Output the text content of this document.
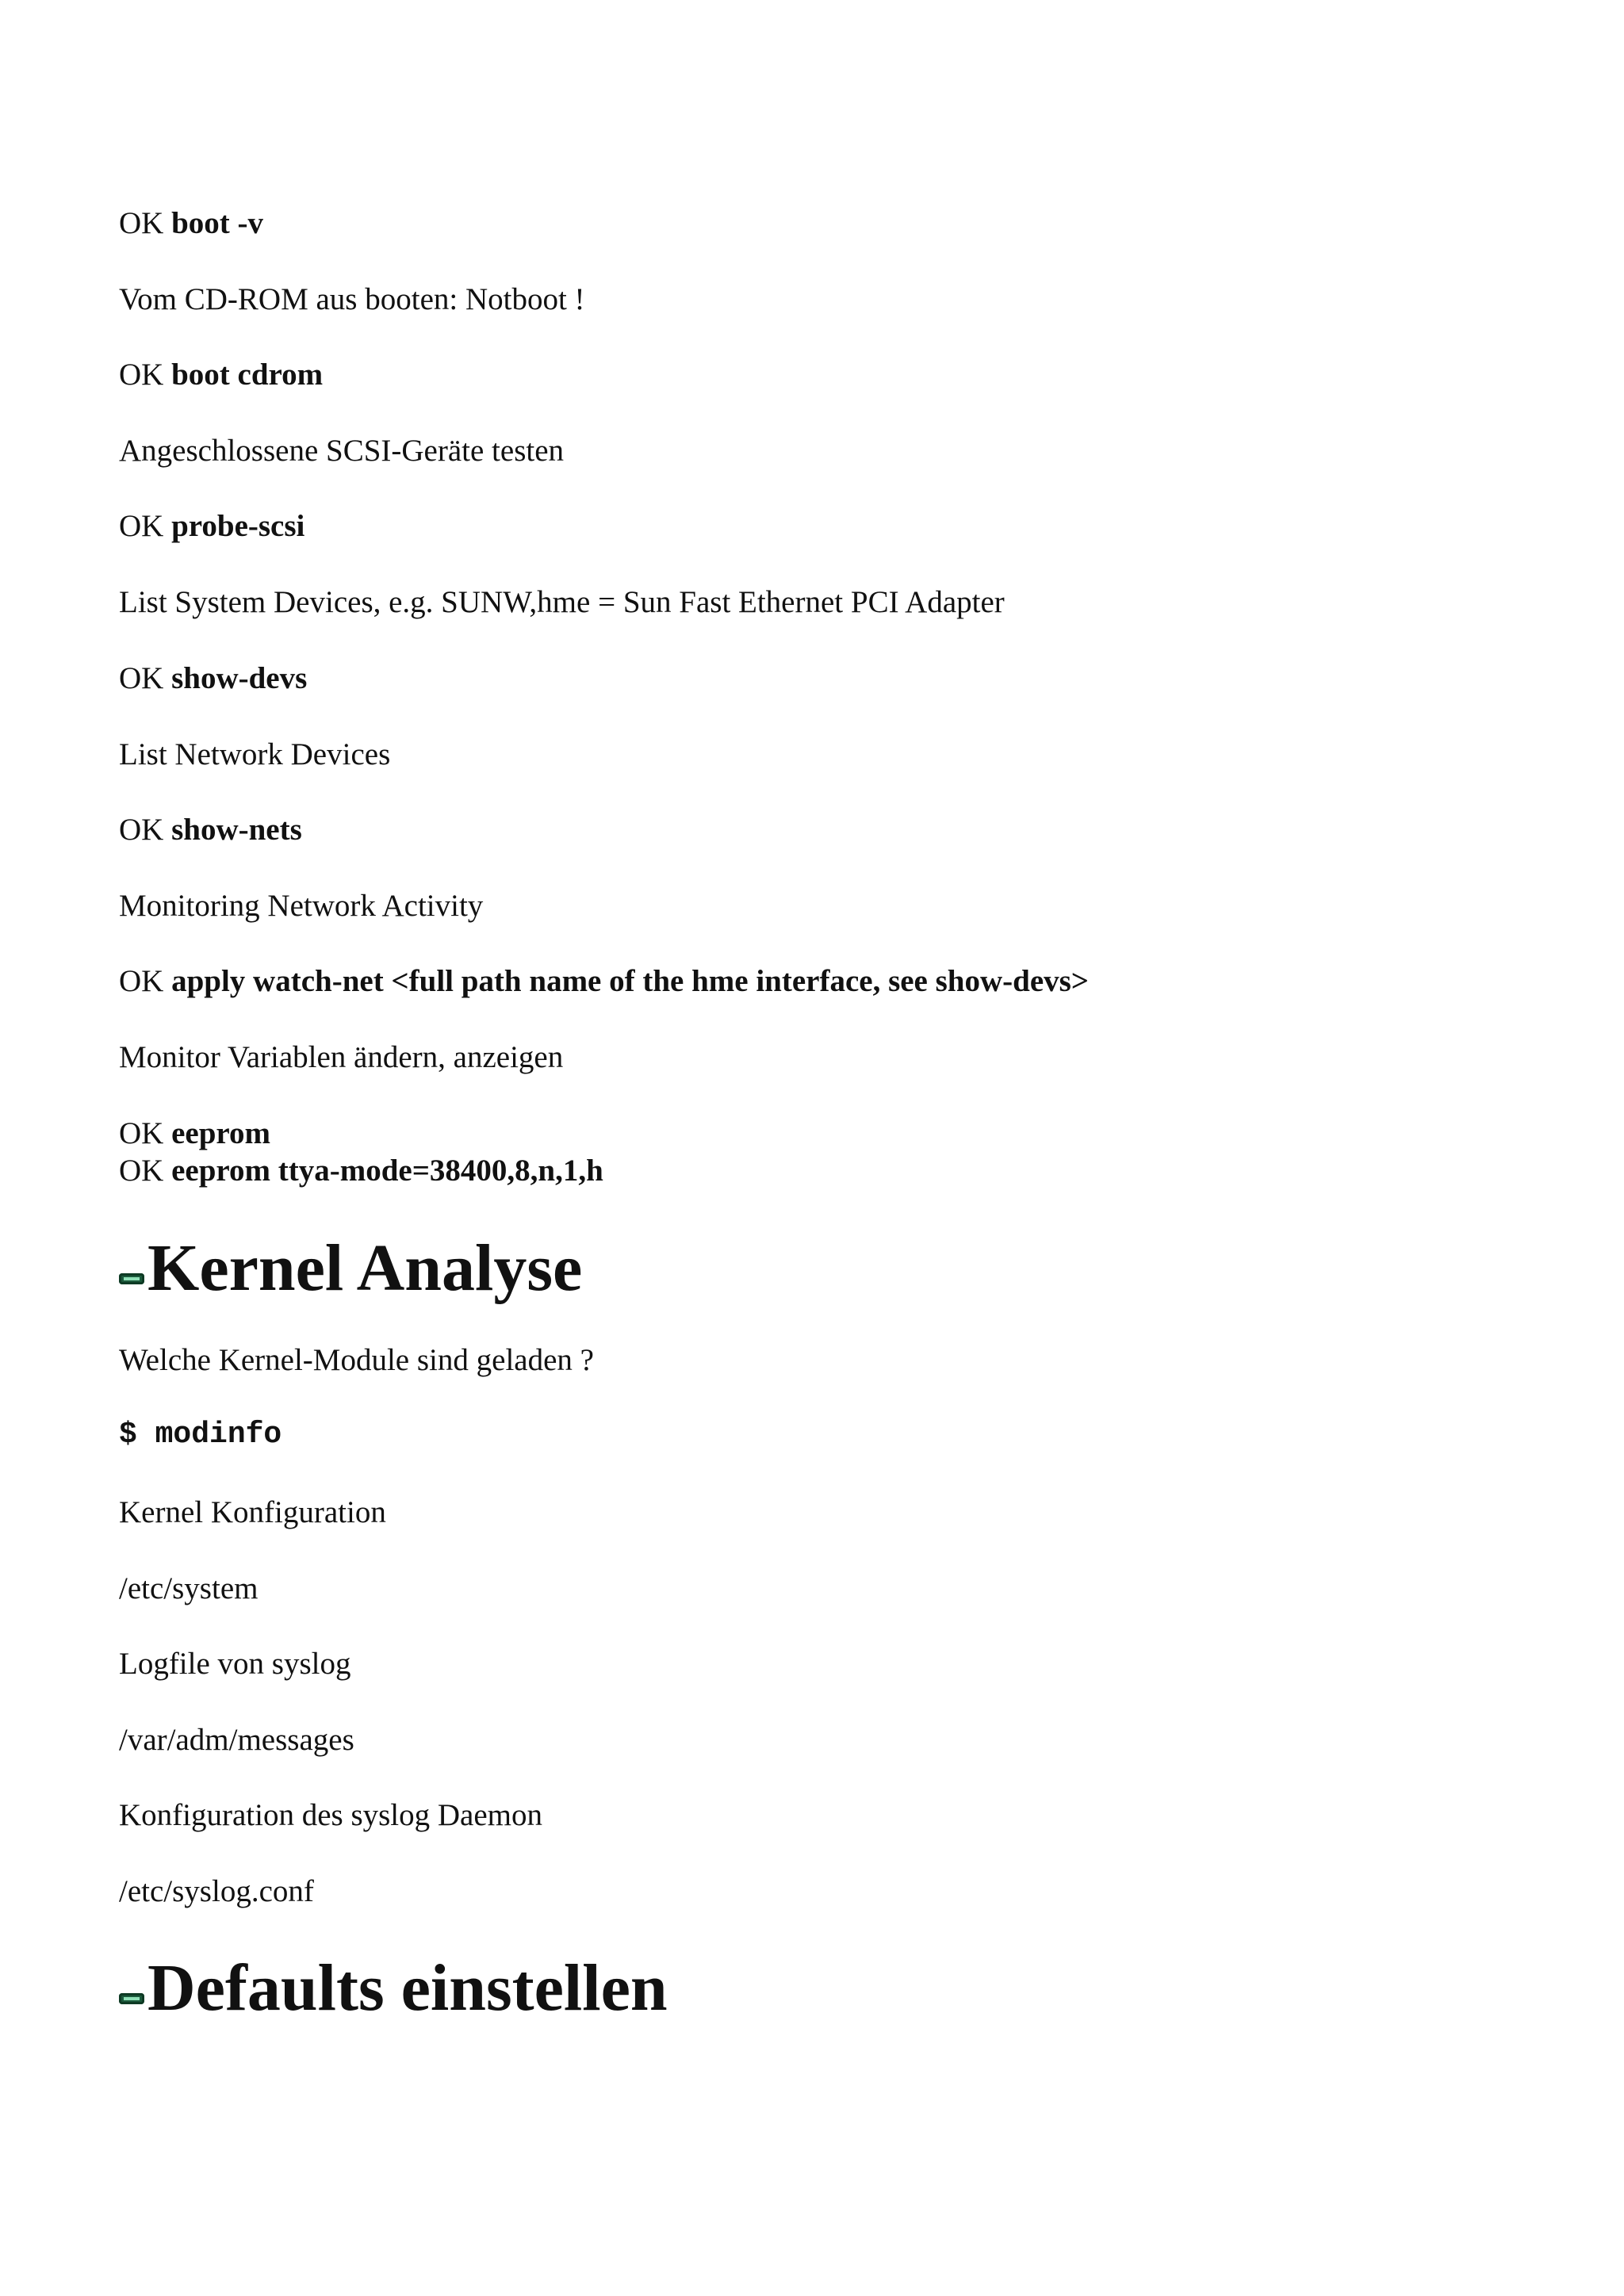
OK boot -v
Vom CD-ROM aus booten: Notboot !
OK boot cdrom
Angeschlossene SCSI-Geräte testen
OK probe-scsi
List System Devices, e.g. SUNW,hme = Sun Fast Ethernet PCI Adapter
OK show-devs
List Network Devices
OK show-nets
Monitoring Network Activity
OK apply watch-net <full path name of the hme interface, see show-devs>
Monitor Variablen ändern, anzeigen
OK eeprom
OK eeprom ttya-mode=38400,8,n,1,h
Kernel Analyse
Welche Kernel-Module sind geladen ?
$ modinfo
Kernel Konfiguration
/etc/system
Logfile von syslog
/var/adm/messages
Konfiguration des syslog Daemon
/etc/syslog.conf
Defaults einstellen
